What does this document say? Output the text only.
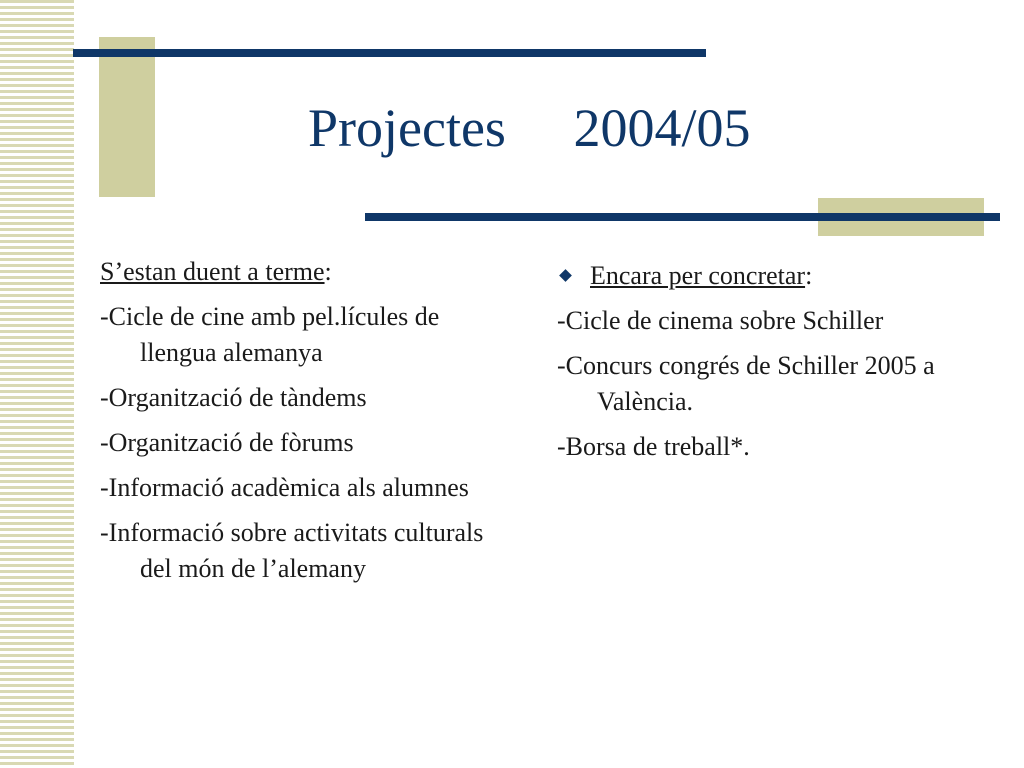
Projectes     2004/05

S’estan duent a terme:

-Cicle de cine amb pel.lícules de llengua alemanya

-Organització de tàndems

-Organització de fòrums

-Informació acadèmica als alumnes

-Informació sobre activitats culturals del món de l’alemany

Encara per concretar:

-Cicle de cinema sobre Schiller

-Concurs congrés de Schiller 2005 a València.

-Borsa de treball*.
